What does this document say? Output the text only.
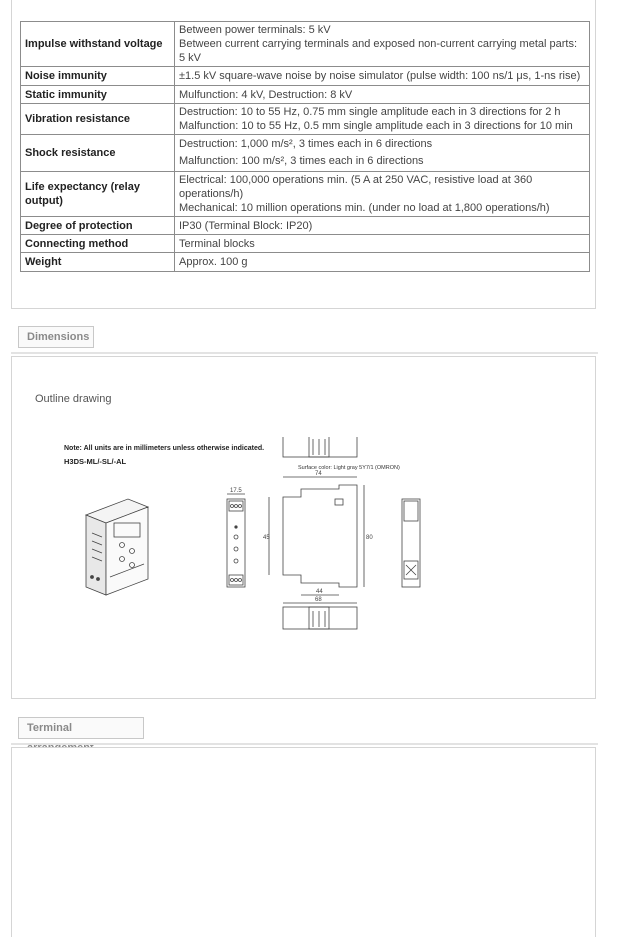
Impulse withstand voltage	Between power terminals: 5 kV
Between current carrying terminals and exposed non-current carrying metal parts: 5 kV

Noise immunity	±1.5 kV square-wave noise by noise simulator (pulse width: 100 ns/1 μs, 1-ns rise)

Static immunity	Mulfunction: 4 kV, Destruction: 8 kV

Vibration resistance	Destruction: 10 to 55 Hz, 0.75 mm single amplitude each in 3 directions for 2 h
Malfunction: 10 to 55 Hz, 0.5 mm single amplitude each in 3 directions for 10 min

Shock resistance	Destruction: 1,000 m/s², 3 times each in 6 directions
Malfunction: 100 m/s², 3 times each in 6 directions

Life expectancy (relay output)	Electrical: 100,000 operations min. (5 A at 250 VAC, resistive load at 360 operations/h)
Mechanical: 10 million operations min. (under no load at 1,800 operations/h)

Degree of protection	IP30 (Terminal Block: IP20)

Connecting method	Terminal blocks

Weight	Approx. 100 g
Dimensions
Outline drawing
Note: All units are in millimeters unless otherwise indicated.
H3DS-ML/-SL/-AL
17.5
Surface color: Light gray 5Y7/1 (OMRON)
74
45	80
44
68
Terminal
